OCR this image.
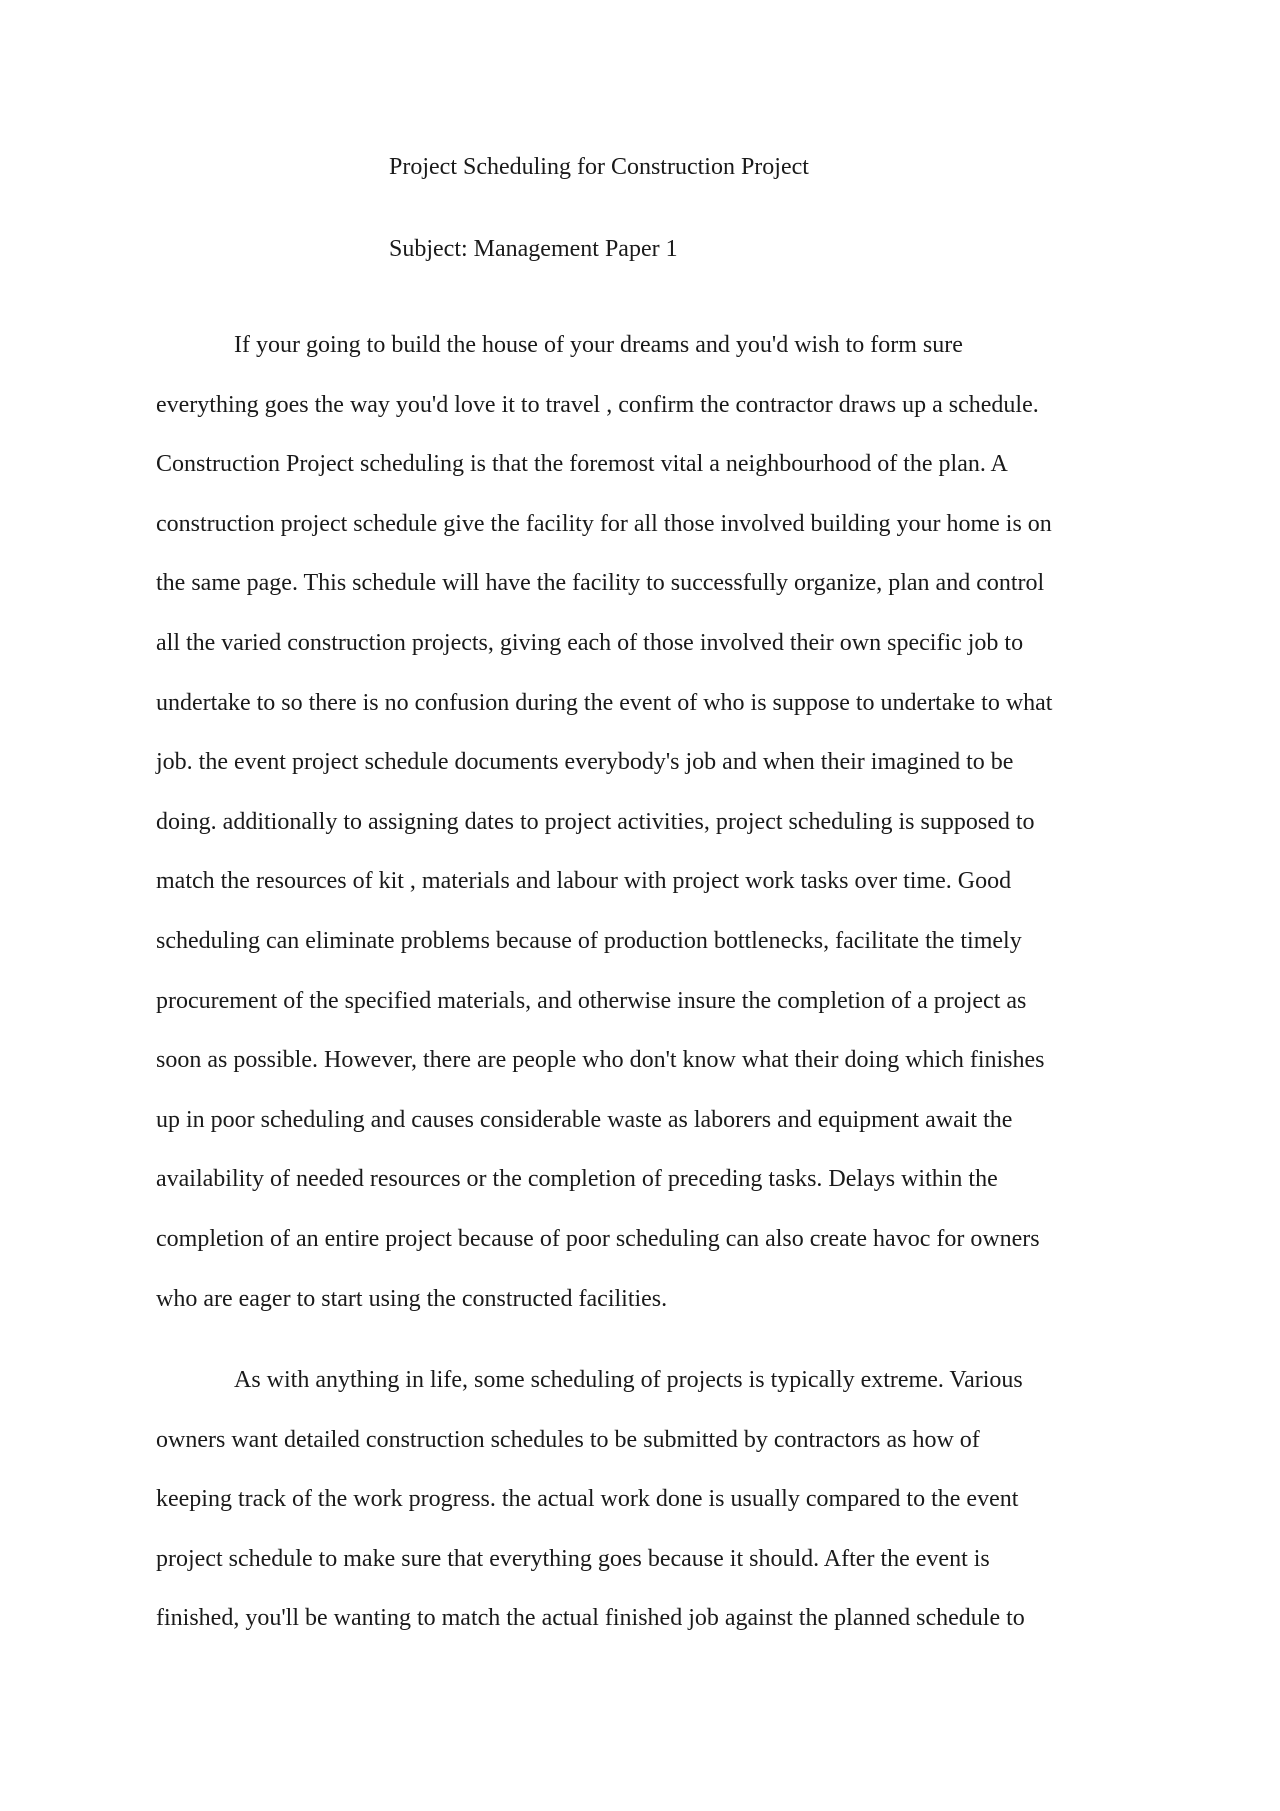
Project Scheduling for Construction Project

Subject: Management Paper 1

If your going to build the house of your dreams and you'd wish to form sure

everything goes the way you'd love it to travel , confirm the contractor draws up a schedule.

Construction Project scheduling is that the foremost vital a neighbourhood of the plan. A

construction project schedule give the facility for all those involved building your home is on

the same page. This schedule will have the facility to successfully organize, plan and control

all the varied construction projects, giving each of those involved their own specific job to

undertake to so there is no confusion during the event of who is suppose to undertake to what

job. the event project schedule documents everybody's job and when their imagined to be

doing. additionally to assigning dates to project activities, project scheduling is supposed to

match the resources of kit , materials and labour with project work tasks over time. Good

scheduling can eliminate problems because of production bottlenecks, facilitate the timely

procurement of the specified materials, and otherwise insure the completion of a project as

soon as possible. However, there are people who don't know what their doing which finishes

up in poor scheduling and causes considerable waste as laborers and equipment await the

availability of needed resources or the completion of preceding tasks. Delays within the

completion of an entire project because of poor scheduling can also create havoc for owners

who are eager to start using the constructed facilities.

As with anything in life, some scheduling of projects is typically extreme. Various

owners want detailed construction schedules to be submitted by contractors as how of

keeping track of the work progress. the actual work done is usually compared to the event

project schedule to make sure that everything goes because it should. After the event is

finished, you'll be wanting to match the actual finished job against the planned schedule to
